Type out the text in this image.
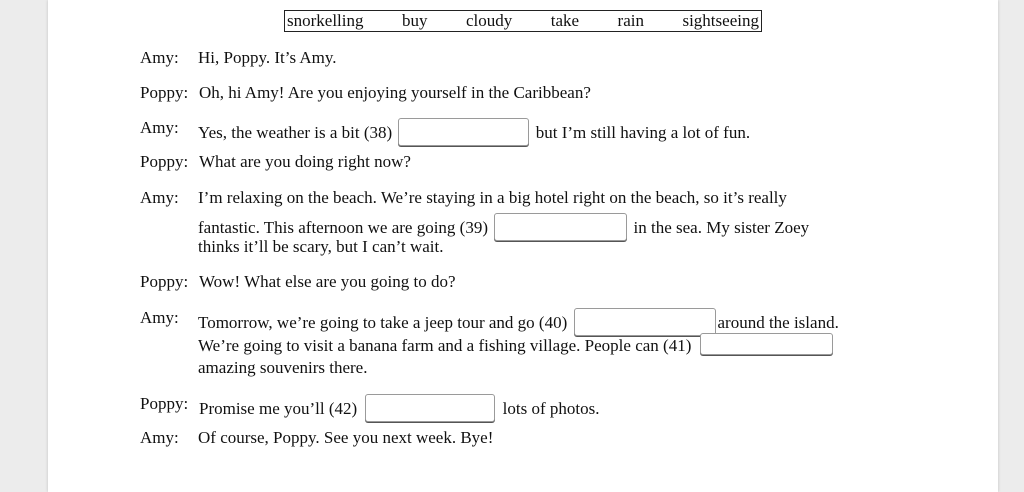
snorkelling buy cloudy take rain sightseeing
Amy: Hi, Poppy. It’s Amy.
Poppy: Oh, hi Amy! Are you enjoying yourself in the Caribbean?
Amy: Yes, the weather is a bit (38)	but I’m still having a lot of fun.
Poppy: What are you doing right now?
Amy: I’m relaxing on the beach. We’re staying in a big hotel right on the beach, so it’s really
fantastic. This afternoon we are going (39)	in the sea. My sister Zoey
thinks it’ll be scary, but I can’t wait.
Poppy: Wow! What else are you going to do?
Amy: Tomorrow, we’re going to take a jeep tour and go (40)	around the island.
We’re going to visit a banana farm and a fishing village. People can (41)
amazing souvenirs there.
Poppy: Promise me you’ll (42)	lots of photos.
Amy: Of course, Poppy. See you next week. Bye!
